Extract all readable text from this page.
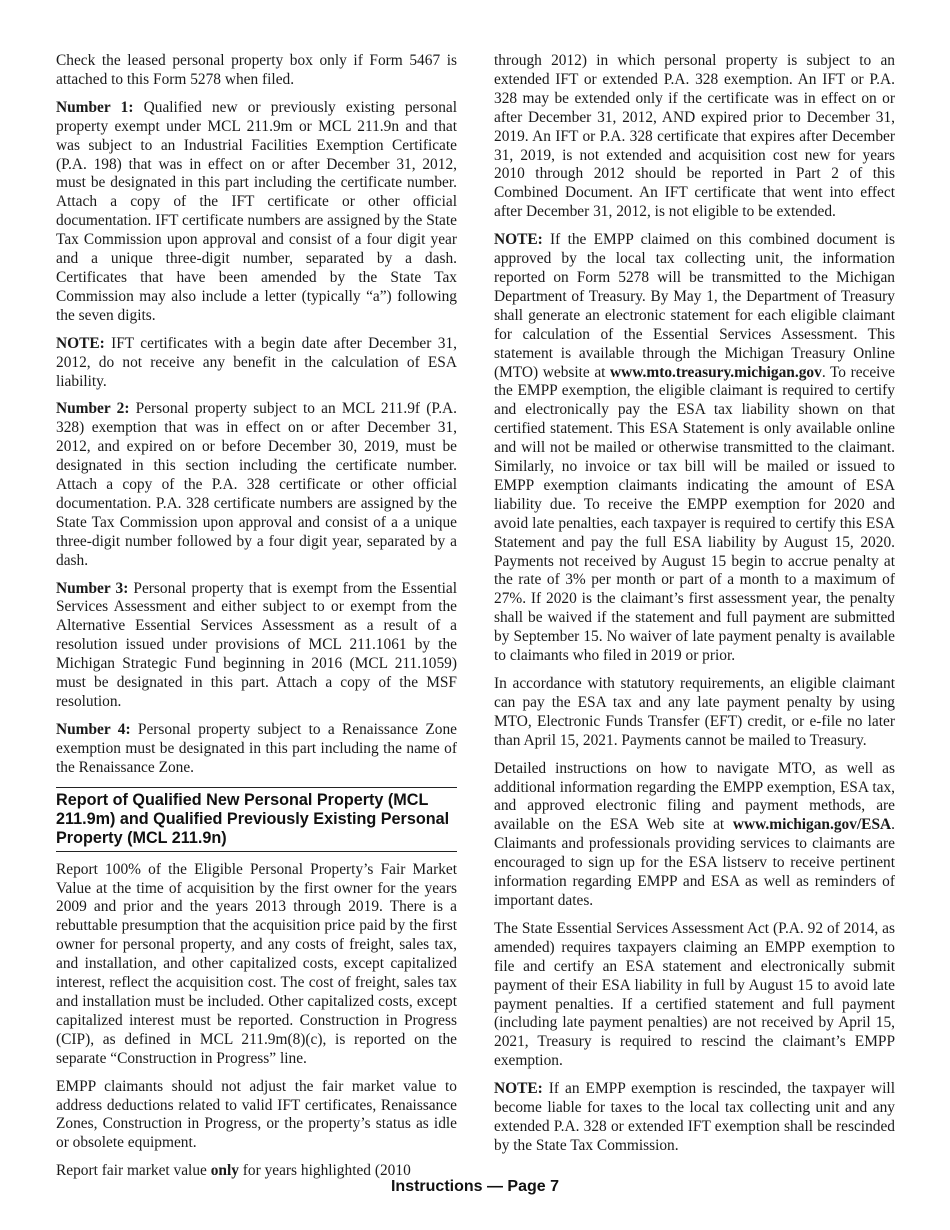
Check the leased personal property box only if Form 5467 is attached to this Form 5278 when filed.

Number 1: Qualified new or previously existing personal property exempt under MCL 211.9m or MCL 211.9n and that was subject to an Industrial Facilities Exemption Certificate (P.A. 198) that was in effect on or after December 31, 2012, must be designated in this part including the certificate number. Attach a copy of the IFT certificate or other official documentation. IFT certificate numbers are assigned by the State Tax Commission upon approval and consist of a four digit year and a unique three-digit number, separated by a dash. Certificates that have been amended by the State Tax Commission may also include a letter (typically “a”) following the seven digits.

NOTE: IFT certificates with a begin date after December 31, 2012, do not receive any benefit in the calculation of ESA liability.

Number 2: Personal property subject to an MCL 211.9f (P.A. 328) exemption that was in effect on or after December 31, 2012, and expired on or before December 30, 2019, must be designated in this section including the certificate number. Attach a copy of the P.A. 328 certificate or other official documentation. P.A. 328 certificate numbers are assigned by the State Tax Commission upon approval and consist of a a unique three-digit number followed by a four digit year, separated by a dash.

Number 3: Personal property that is exempt from the Essential Services Assessment and either subject to or exempt from the Alternative Essential Services Assessment as a result of a resolution issued under provisions of MCL 211.1061 by the Michigan Strategic Fund beginning in 2016 (MCL 211.1059) must be designated in this part. Attach a copy of the MSF resolution.

Number 4: Personal property subject to a Renaissance Zone exemption must be designated in this part including the name of the Renaissance Zone.

Report of Qualified New Personal Property (MCL 211.9m) and Qualified Previously Existing Personal Property (MCL 211.9n)

Report 100% of the Eligible Personal Property’s Fair Market Value at the time of acquisition by the first owner for the years 2009 and prior and the years 2013 through 2019. There is a rebuttable presumption that the acquisition price paid by the first owner for personal property, and any costs of freight, sales tax, and installation, and other capitalized costs, except capitalized interest, reflect the acquisition cost. The cost of freight, sales tax and installation must be included. Other capitalized costs, except capitalized interest must be reported. Construction in Progress (CIP), as defined in MCL 211.9m(8)(c), is reported on the separate “Construction in Progress” line.

EMPP claimants should not adjust the fair market value to address deductions related to valid IFT certificates, Renaissance Zones, Construction in Progress, or the property’s status as idle or obsolete equipment.

Report fair market value only for years highlighted (2010

through 2012) in which personal property is subject to an extended IFT or extended P.A. 328 exemption. An IFT or P.A. 328 may be extended only if the certificate was in effect on or after December 31, 2012, AND expired prior to December 31, 2019. An IFT or P.A. 328 certificate that expires after December 31, 2019, is not extended and acquisition cost new for years 2010 through 2012 should be reported in Part 2 of this Combined Document. An IFT certificate that went into effect after December 31, 2012, is not eligible to be extended.

NOTE: If the EMPP claimed on this combined document is approved by the local tax collecting unit, the information reported on Form 5278 will be transmitted to the Michigan Department of Treasury. By May 1, the Department of Treasury shall generate an electronic statement for each eligible claimant for calculation of the Essential Services Assessment. This statement is available through the Michigan Treasury Online (MTO) website at www.mto.treasury.michigan.gov. To receive the EMPP exemption, the eligible claimant is required to certify and electronically pay the ESA tax liability shown on that certified statement. This ESA Statement is only available online and will not be mailed or otherwise transmitted to the claimant. Similarly, no invoice or tax bill will be mailed or issued to EMPP exemption claimants indicating the amount of ESA liability due. To receive the EMPP exemption for 2020 and avoid late penalties, each taxpayer is required to certify this ESA Statement and pay the full ESA liability by August 15, 2020. Payments not received by August 15 begin to accrue penalty at the rate of 3% per month or part of a month to a maximum of 27%. If 2020 is the claimant’s first assessment year, the penalty shall be waived if the statement and full payment are submitted by September 15. No waiver of late payment penalty is available to claimants who filed in 2019 or prior.

In accordance with statutory requirements, an eligible claimant can pay the ESA tax and any late payment penalty by using MTO, Electronic Funds Transfer (EFT) credit, or e-file no later than April 15, 2021. Payments cannot be mailed to Treasury.

Detailed instructions on how to navigate MTO, as well as additional information regarding the EMPP exemption, ESA tax, and approved electronic filing and payment methods, are available on the ESA Web site at www.michigan.gov/ESA. Claimants and professionals providing services to claimants are encouraged to sign up for the ESA listserv to receive pertinent information regarding EMPP and ESA as well as reminders of important dates.

The State Essential Services Assessment Act (P.A. 92 of 2014, as amended) requires taxpayers claiming an EMPP exemption to file and certify an ESA statement and electronically submit payment of their ESA liability in full by August 15 to avoid late payment penalties. If a certified statement and full payment (including late payment penalties) are not received by April 15, 2021, Treasury is required to rescind the claimant’s EMPP exemption.

NOTE: If an EMPP exemption is rescinded, the taxpayer will become liable for taxes to the local tax collecting unit and any extended P.A. 328 or extended IFT exemption shall be rescinded by the State Tax Commission.

Instructions — Page 7
